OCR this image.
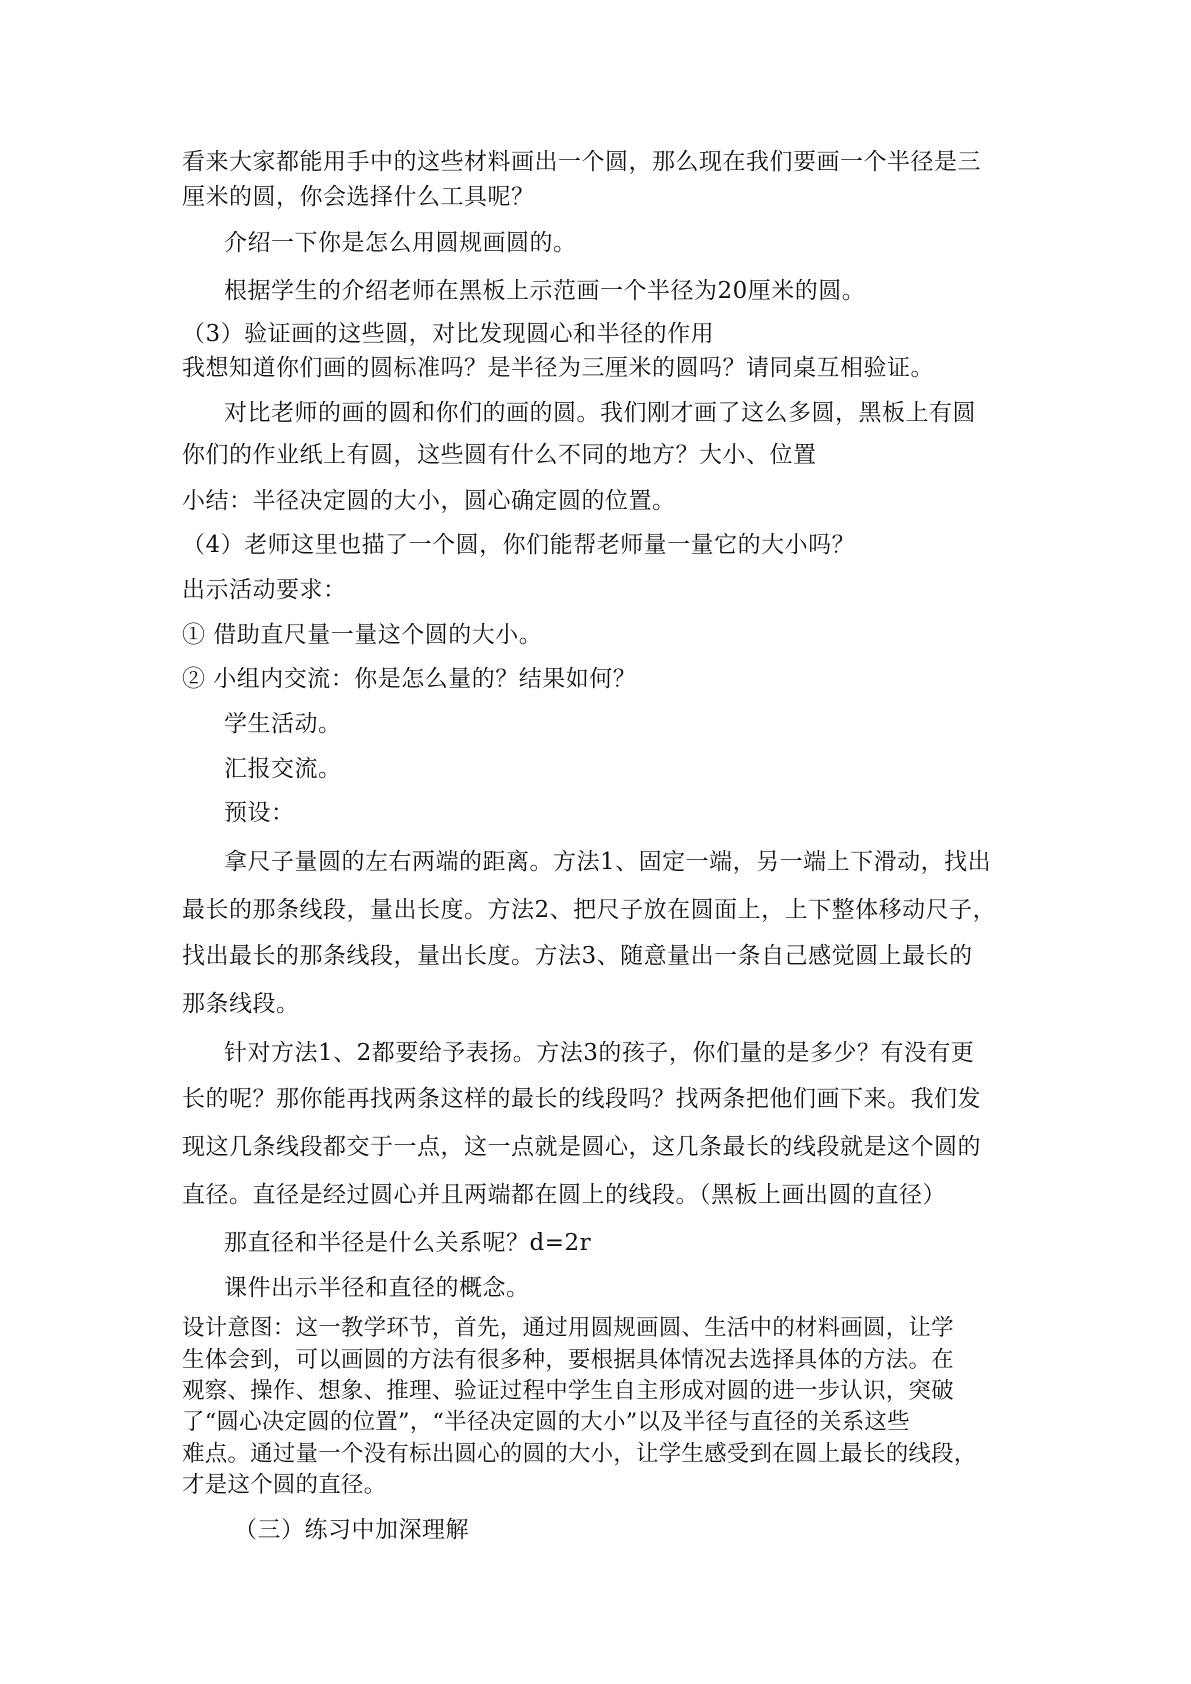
看来大家都能用手中的这些材料画出一个圆，那么现在我们要画一个半径是三
厘米的圆，你会选择什么工具呢？
介绍一下你是怎么用圆规画圆的。
根据学生的介绍老师在黑板上示范画一个半径为20厘米的圆。
（3）验证画的这些圆，对比发现圆心和半径的作用
我想知道你们画的圆标准吗？是半径为三厘米的圆吗？请同桌互相验证。
对比老师的画的圆和你们的画的圆。我们刚才画了这么多圆，黑板上有圆
你们的作业纸上有圆，这些圆有什么不同的地方？大小、位置
小结：半径决定圆的大小，圆心确定圆的位置。
（4）老师这里也描了一个圆，你们能帮老师量一量它的大小吗？
出示活动要求：
① 借助直尺量一量这个圆的大小。
② 小组内交流：你是怎么量的？结果如何？
学生活动。
汇报交流。
预设：
拿尺子量圆的左右两端的距离。方法1、固定一端，另一端上下滑动，找出
最长的那条线段，量出长度。方法2、把尺子放在圆面上，上下整体移动尺子，
找出最长的那条线段，量出长度。方法3、随意量出一条自己感觉圆上最长的
那条线段。
针对方法1、2都要给予表扬。方法3的孩子，你们量的是多少？有没有更
长的呢？那你能再找两条这样的最长的线段吗？找两条把他们画下来。我们发
现这几条线段都交于一点，这一点就是圆心，这几条最长的线段就是这个圆的
直径。直径是经过圆心并且两端都在圆上的线段。（黑板上画出圆的直径）
那直径和半径是什么关系呢？d=2r
课件出示半径和直径的概念。
设计意图：这一教学环节，首先，通过用圆规画圆、生活中的材料画圆，让学
生体会到，可以画圆的方法有很多种，要根据具体情况去选择具体的方法。在
观察、操作、想象、推理、验证过程中学生自主形成对圆的进一步认识，突破
了“圆心决定圆的位置”，“半径决定圆的大小”以及半径与直径的关系这些
难点。通过量一个没有标出圆心的圆的大小，让学生感受到在圆上最长的线段，
才是这个圆的直径。
（三）练习中加深理解
